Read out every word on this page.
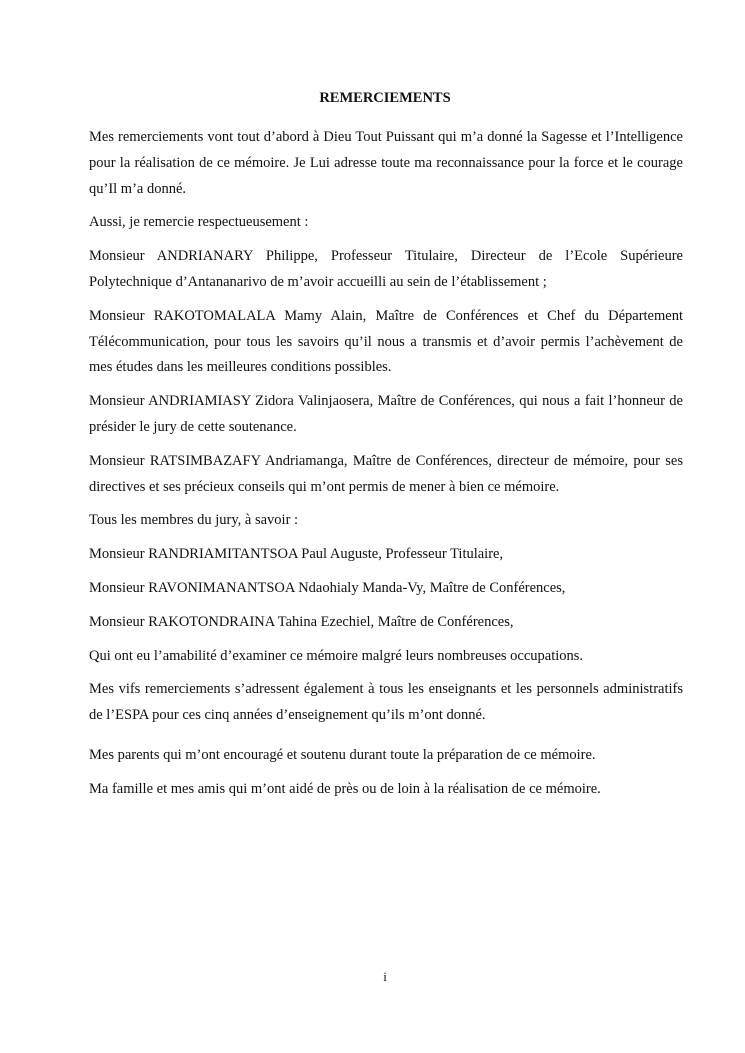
REMERCIEMENTS

Mes remerciements vont tout d’abord à Dieu Tout Puissant qui m’a donné la Sagesse et l’Intelligence pour la réalisation de ce mémoire. Je Lui adresse toute ma reconnaissance pour la force et le courage qu’Il m’a donné.

Aussi, je remercie respectueusement :

Monsieur ANDRIANARY Philippe, Professeur Titulaire, Directeur de l’Ecole Supérieure Polytechnique d’Antananarivo de m’avoir accueilli au sein de l’établissement ;

Monsieur RAKOTOMALALA Mamy Alain, Maître de Conférences et Chef du Département Télécommunication, pour tous les savoirs qu’il nous a transmis et d’avoir permis l’achèvement de mes études dans les meilleures conditions possibles.

Monsieur ANDRIAMIASY Zidora Valinjaosera, Maître de Conférences, qui nous a fait l’honneur de présider le jury de cette soutenance.

Monsieur RATSIMBAZAFY Andriamanga, Maître de Conférences, directeur de mémoire, pour ses directives et ses précieux conseils qui m’ont permis de mener à bien ce mémoire.

Tous les membres du jury, à savoir :

Monsieur RANDRIAMITANTSOA Paul Auguste, Professeur Titulaire,

Monsieur RAVONIMANANTSOA Ndaohialy Manda-Vy, Maître de Conférences,

Monsieur RAKOTONDRAINA Tahina Ezechiel, Maître de Conférences,

Qui ont eu l’amabilité d’examiner ce mémoire malgré leurs nombreuses occupations.

Mes vifs remerciements s’adressent également à tous les enseignants et les personnels administratifs de l’ESPA pour ces cinq années d’enseignement qu’ils m’ont donné.

Mes parents qui m’ont encouragé et soutenu durant toute la préparation de ce mémoire.

Ma famille et mes amis qui m’ont aidé de près ou de loin à la réalisation de ce mémoire.

i
